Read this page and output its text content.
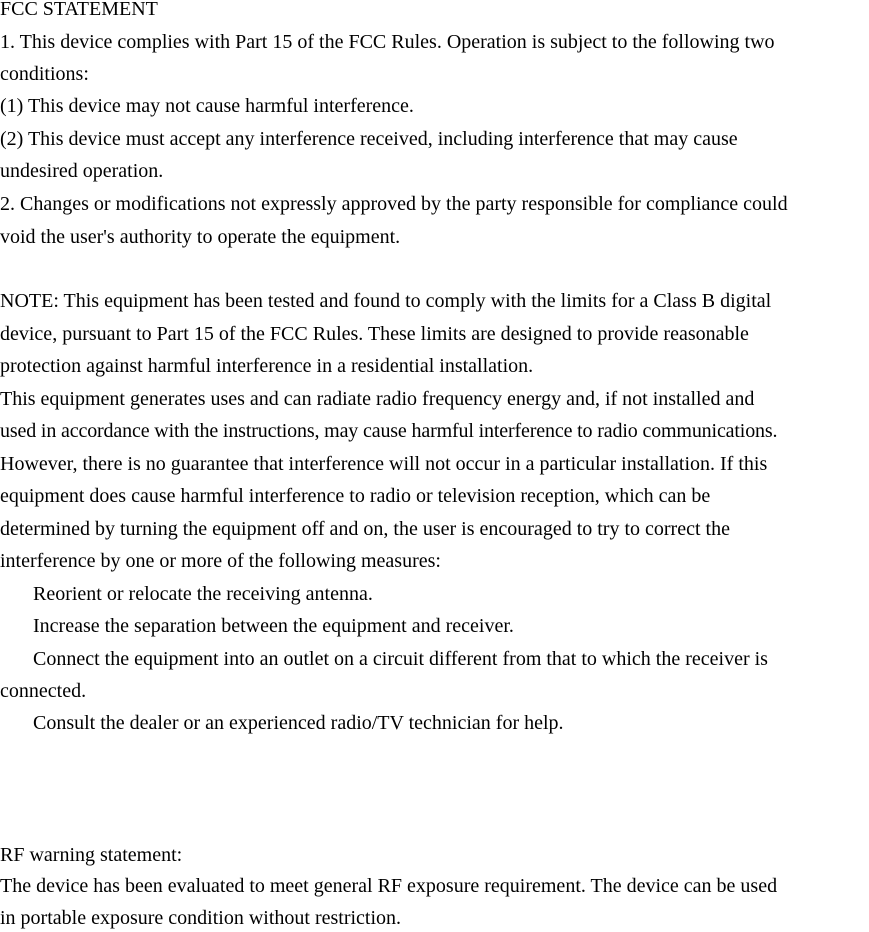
FCC STATEMENT
1. This device complies with Part 15 of the FCC Rules. Operation is subject to the following two
conditions:
(1) This device may not cause harmful interference.
(2) This device must accept any interference received, including interference that may cause
undesired operation.
2. Changes or modifications not expressly approved by the party responsible for compliance could
void the user's authority to operate the equipment.
NOTE: This equipment has been tested and found to comply with the limits for a Class B digital
device, pursuant to Part 15 of the FCC Rules. These limits are designed to provide reasonable
protection against harmful interference in a residential installation.
This equipment generates uses and can radiate radio frequency energy and, if not installed and
used in accordance with the instructions, may cause harmful interference to radio communications.
However, there is no guarantee that interference will not occur in a particular installation. If this
equipment does cause harmful interference to radio or television reception, which can be
determined by turning the equipment off and on, the user is encouraged to try to correct the
interference by one or more of the following measures:
Reorient or relocate the receiving antenna.
Increase the separation between the equipment and receiver.
Connect the equipment into an outlet on a circuit different from that to which the receiver is
connected.
Consult the dealer or an experienced radio/TV technician for help.
RF warning statement:
The device has been evaluated to meet general RF exposure requirement. The device can be used
in portable exposure condition without restriction.
